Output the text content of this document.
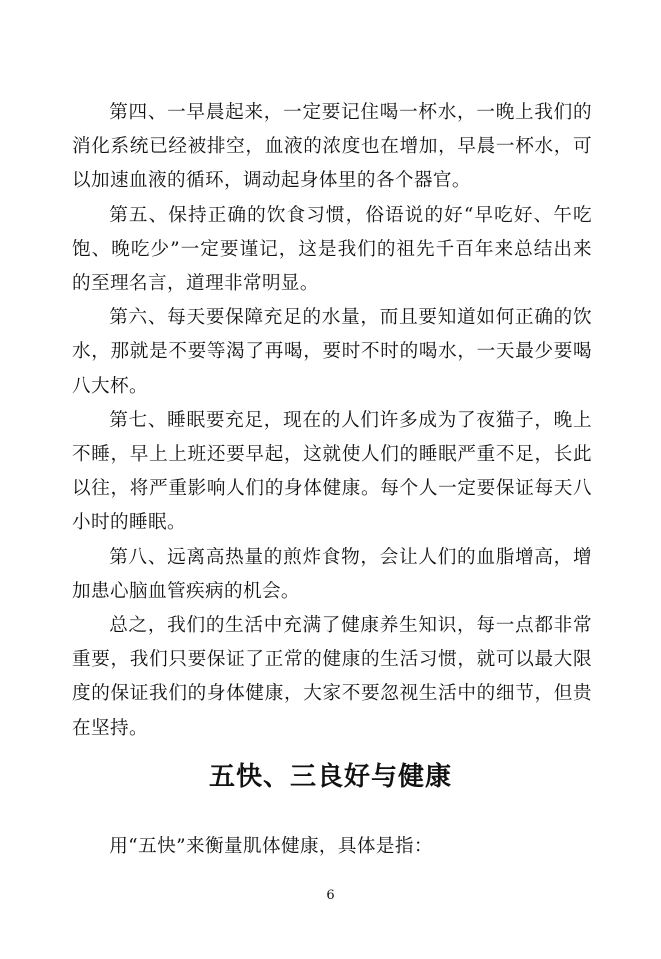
第四、一早晨起来，一定要记住喝一杯水，一晚上我们的消化系统已经被排空，血液的浓度也在增加，早晨一杯水，可以加速血液的循环，调动起身体里的各个器官。

第五、保持正确的饮食习惯，俗语说的好“早吃好、午吃饱、晚吃少”一定要谨记，这是我们的祖先千百年来总结出来的至理名言，道理非常明显。

第六、每天要保障充足的水量，而且要知道如何正确的饮水，那就是不要等渴了再喝，要时不时的喝水，一天最少要喝八大杯。

第七、睡眠要充足，现在的人们许多成为了夜猫子，晚上不睡，早上上班还要早起，这就使人们的睡眠严重不足，长此以往，将严重影响人们的身体健康。每个人一定要保证每天八小时的睡眠。

第八、远离高热量的煎炸食物，会让人们的血脂增高，增加患心脑血管疾病的机会。

总之，我们的生活中充满了健康养生知识，每一点都非常重要，我们只要保证了正常的健康的生活习惯，就可以最大限度的保证我们的身体健康，大家不要忽视生活中的细节，但贵在坚持。

五快、三良好与健康

用“五快”来衡量肌体健康，具体是指：

6
